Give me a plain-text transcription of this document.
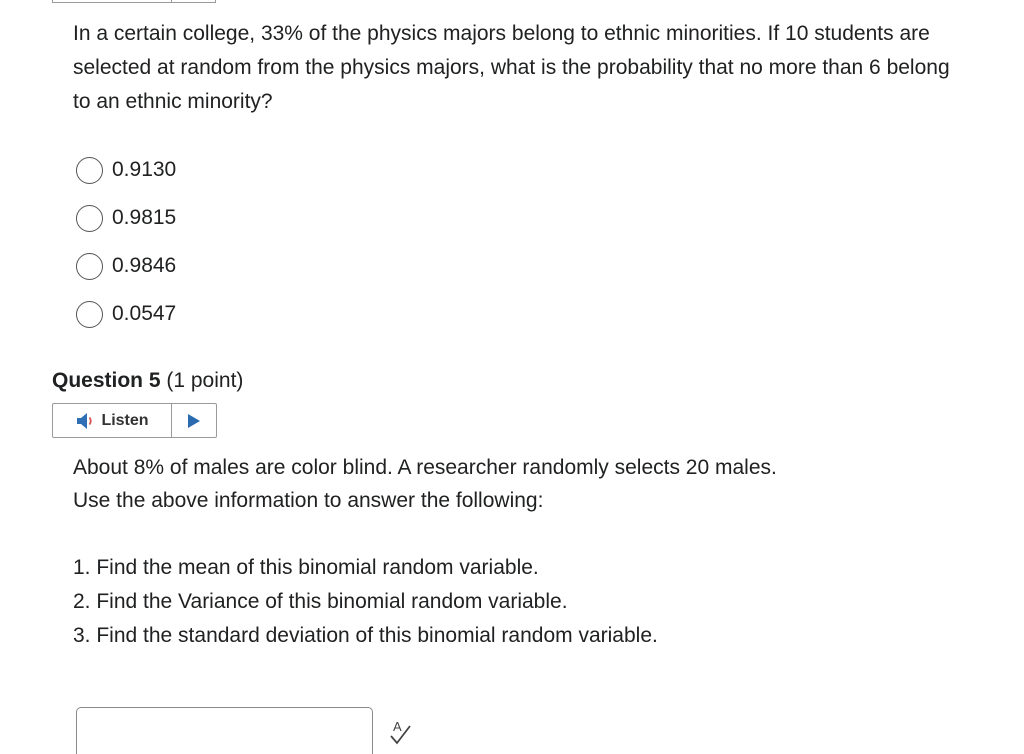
In a certain college, 33% of the physics majors belong to ethnic minorities. If 10 students are selected at random from the physics majors, what is the probability that no more than 6 belong to an ethnic minority?
0.9130
0.9815
0.9846
0.0547
Question 5 (1 point)
Listen
About 8% of males are color blind. A researcher randomly selects 20 males.
Use the above information to answer the following:
1. Find the mean of this binomial random variable.
2. Find the Variance of this binomial random variable.
3. Find the standard deviation of this binomial random variable.
A
